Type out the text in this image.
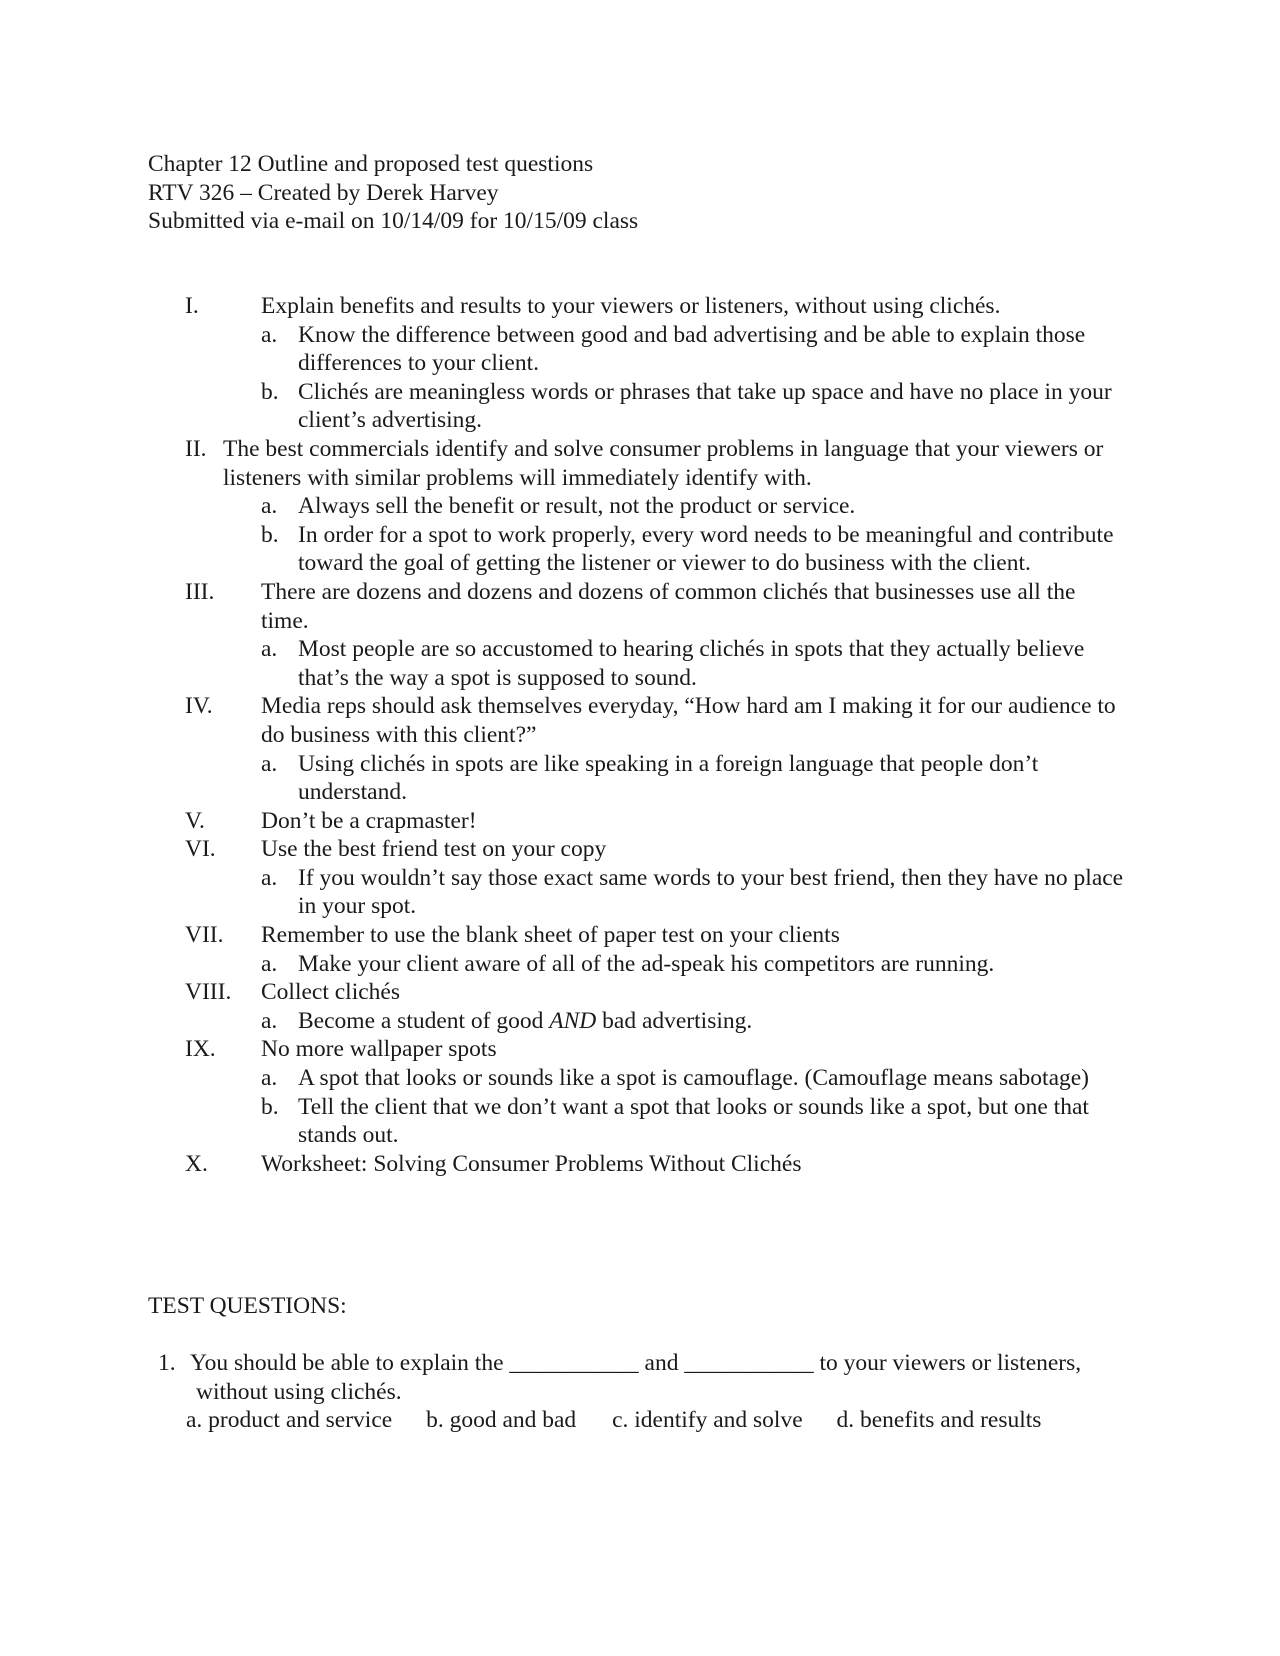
Chapter 12 Outline and proposed test questions
RTV 326 – Created by Derek Harvey
Submitted via e-mail on 10/14/09 for 10/15/09 class
I.	Explain benefits and results to your viewers or listeners, without using clichés.
a. Know the difference between good and bad advertising and be able to explain those differences to your client.
b. Clichés are meaningless words or phrases that take up space and have no place in your client’s advertising.
II. The best commercials identify and solve consumer problems in language that your viewers or listeners with similar problems will immediately identify with.
a. Always sell the benefit or result, not the product or service.
b. In order for a spot to work properly, every word needs to be meaningful and contribute toward the goal of getting the listener or viewer to do business with the client.
III. There are dozens and dozens and dozens of common clichés that businesses use all the time.
a. Most people are so accustomed to hearing clichés in spots that they actually believe that’s the way a spot is supposed to sound.
IV. Media reps should ask themselves everyday, “How hard am I making it for our audience to do business with this client?”
a. Using clichés in spots are like speaking in a foreign language that people don’t understand.
V. Don’t be a crapmaster!
VI. Use the best friend test on your copy
a. If you wouldn’t say those exact same words to your best friend, then they have no place in your spot.
VII. Remember to use the blank sheet of paper test on your clients
a. Make your client aware of all of the ad-speak his competitors are running.
VIII. Collect clichés
a. Become a student of good AND bad advertising.
IX. No more wallpaper spots
a. A spot that looks or sounds like a spot is camouflage. (Camouflage means sabotage)
b. Tell the client that we don’t want a spot that looks or sounds like a spot, but one that stands out.
X. Worksheet: Solving Consumer Problems Without Clichés
TEST QUESTIONS:
1. You should be able to explain the ___________ and ___________ to your viewers or listeners,
without using clichés.
a. product and service b. good and bad c. identify and solve d. benefits and results
